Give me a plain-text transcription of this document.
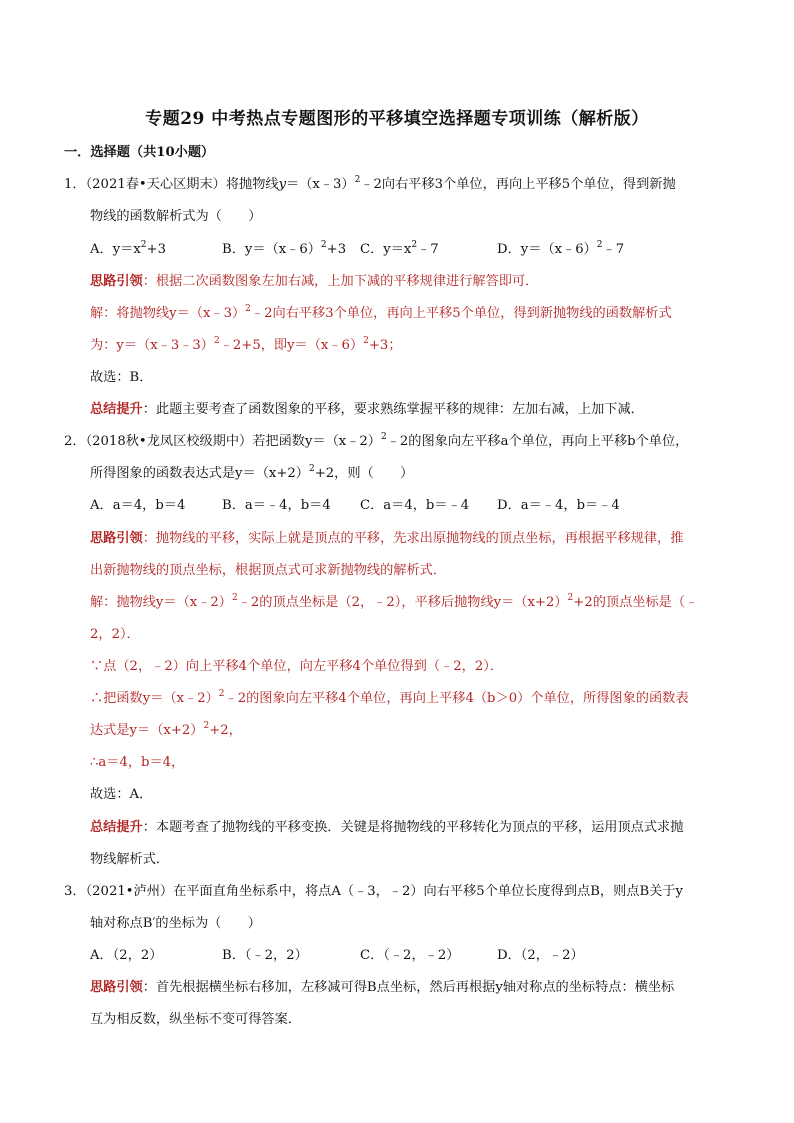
专题29 中考热点专题图形的平移填空选择题专项训练（解析版）
一．选择题（共10小题）
1．（2021春•天心区期末）将抛物线y＝（x﹣3）$^2$﹣2向右平移3个单位，再向上平移5个单位，得到新抛
物线的函数解析式为（　　）
A．$y=x^2+3$	B．y＝（x﹣6）$^2$+3 C．$y=x^2﹣7$	D．y＝（x﹣6）$^2$﹣7
思路引领：根据二次函数图象左加右减，上加下减的平移规律进行解答即可．
解：将抛物线y＝（x﹣3）$^2$﹣2向右平移3个单位，再向上平移5个单位，得到新抛物线的函数解析式
为：y＝（x﹣3﹣3）$^2$﹣2+5，即y＝（x﹣6）$^2$+3；
故选：B．
总结提升：此题主要考查了函数图象的平移，要求熟练掌握平移的规律：左加右减，上加下减．
2．（2018秋•龙凤区校级期中）若把函数y＝（x﹣2）$^2$﹣2的图象向左平移a个单位，再向上平移b个单位，
所得图象的函数表达式是$y=(x+2)^2+2$，则（　　）
A．a＝4，b＝4	B．a＝﹣4，b＝4 C．a＝4，b＝﹣4 D．a＝﹣4，b＝﹣4
思路引领：抛物线的平移，实际上就是顶点的平移，先求出原抛物线的顶点坐标，再根据平移规律，推
出新抛物线的顶点坐标，根据顶点式可求新抛物线的解析式．
解：抛物线y＝（x﹣2）$^2$﹣2的顶点坐标是（2，﹣2），平移后抛物线$y=(x+2)^2+2$的顶点坐标是（﹣
2，2）．
∵点（2，﹣2）向上平移4个单位，向左平移4个单位得到（﹣2，2）．
∴把函数y＝（x﹣2）$^2$﹣2的图象向左平移4个单位，再向上平移4（b＞0）个单位，所得图象的函数表
达式是$y=(x+2)^2+2$，
∴a＝4，b＝4，
故选：A．
总结提升：本题考查了抛物线的平移变换．关键是将抛物线的平移转化为顶点的平移，运用顶点式求抛
物线解析式．
3．（2021•泸州）在平面直角坐标系中，将点A（﹣3，﹣2）向右平移5个单位长度得到点B，则点B关于y
轴对称点B′的坐标为（　　）
A．（2，2）	B．（﹣2，2）	C．（﹣2，﹣2）	D．（2，﹣2）
思路引领：首先根据横坐标右移加，左移减可得B点坐标，然后再根据y轴对称点的坐标特点：横坐标
互为相反数，纵坐标不变可得答案．
